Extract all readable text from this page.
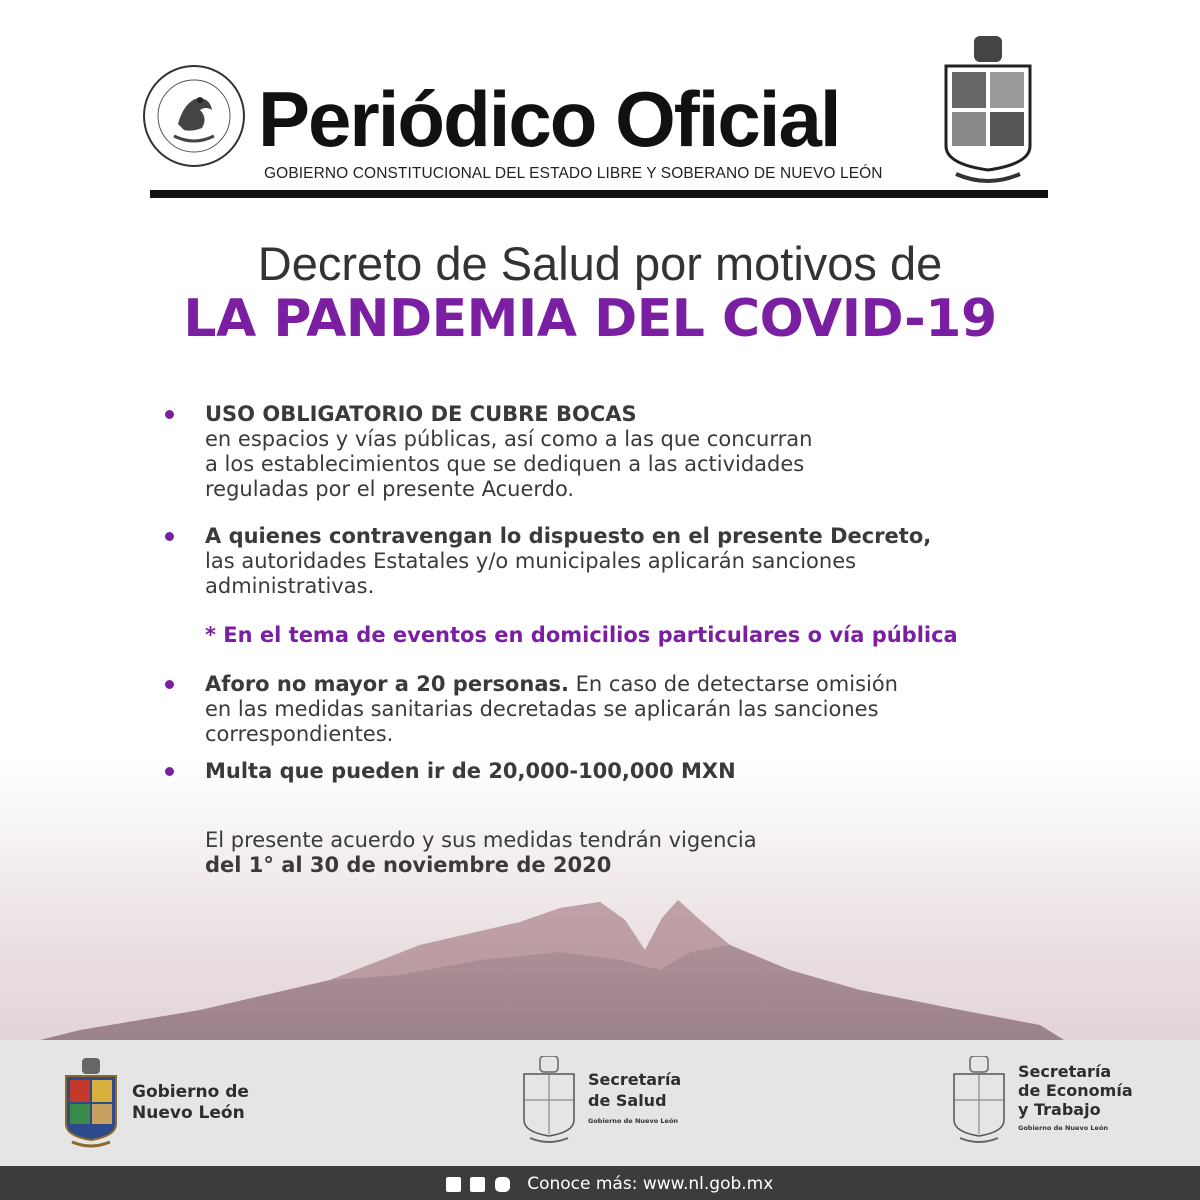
Periódico Oficial
GOBIERNO CONSTITUCIONAL DEL ESTADO LIBRE Y SOBERANO DE NUEVO LEÓN
Decreto de Salud por motivos de
LA PANDEMIA DEL COVID-19
USO OBLIGATORIO DE CUBRE BOCAS
en espacios y vías públicas, así como a las que concurran
a los establecimientos que se dediquen a las actividades
reguladas por el presente Acuerdo.
A quienes contravengan lo dispuesto en el presente Decreto,
las autoridades Estatales y/o municipales aplicarán sanciones
administrativas.
* En el tema de eventos en domicilios particulares o vía pública
Aforo no mayor a 20 personas. En caso de detectarse omisión
en las medidas sanitarias decretadas se aplicarán las sanciones
correspondientes.
Multa que pueden ir de 20,000-100,000 MXN
El presente acuerdo y sus medidas tendrán vigencia
del 1° al 30 de noviembre de 2020
Gobierno de
Nuevo León
Secretaría
de Salud
Gobierno de Nuevo León
Secretaría
de Economía
y Trabajo
Gobierno de Nuevo León
Conoce más: www.nl.gob.mx
